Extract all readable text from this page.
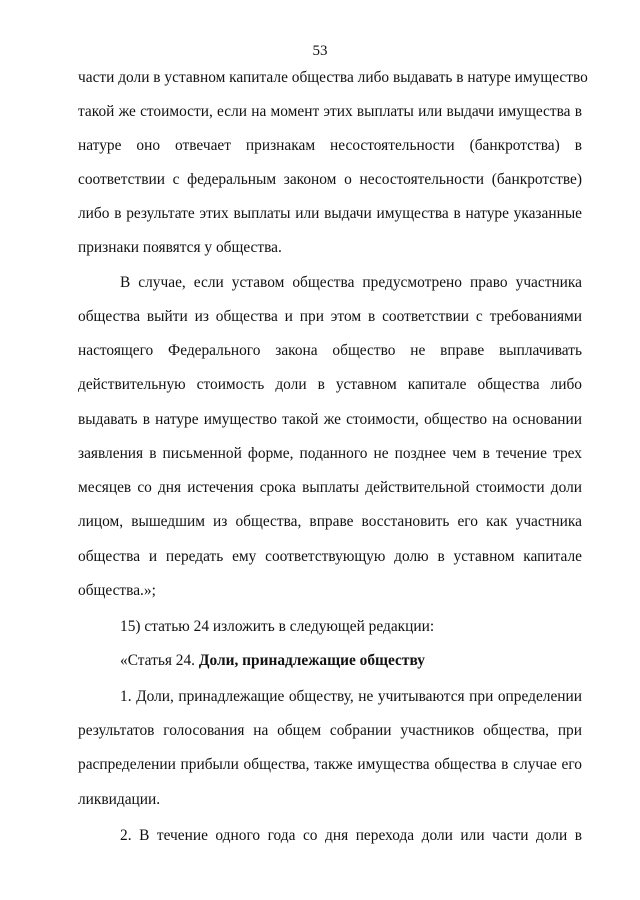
53
части доли в уставном капитале общества либо выдавать в натуре имущество
такой же стоимости, если на момент этих выплаты или выдачи имущества в
натуре оно отвечает признакам несостоятельности (банкротства) в
соответствии с федеральным законом о несостоятельности (банкротстве)
либо в результате этих выплаты или выдачи имущества в натуре указанные
признаки появятся у общества.
В случае, если уставом общества предусмотрено право участника
общества выйти из общества и при этом в соответствии с требованиями
настоящего Федерального закона общество не вправе выплачивать
действительную стоимость доли в уставном капитале общества либо
выдавать в натуре имущество такой же стоимости, общество на основании
заявления в письменной форме, поданного не позднее чем в течение трех
месяцев со дня истечения срока выплаты действительной стоимости доли
лицом, вышедшим из общества, вправе восстановить его как участника
общества и передать ему соответствующую долю в уставном капитале
общества.»;
15) статью 24 изложить в следующей редакции:
«Статья 24. Доли, принадлежащие обществу
1. Доли, принадлежащие обществу, не учитываются при определении
результатов голосования на общем собрании участников общества, при
распределении прибыли общества, также имущества общества в случае его
ликвидации.
2. В течение одного года со дня перехода доли или части доли в
